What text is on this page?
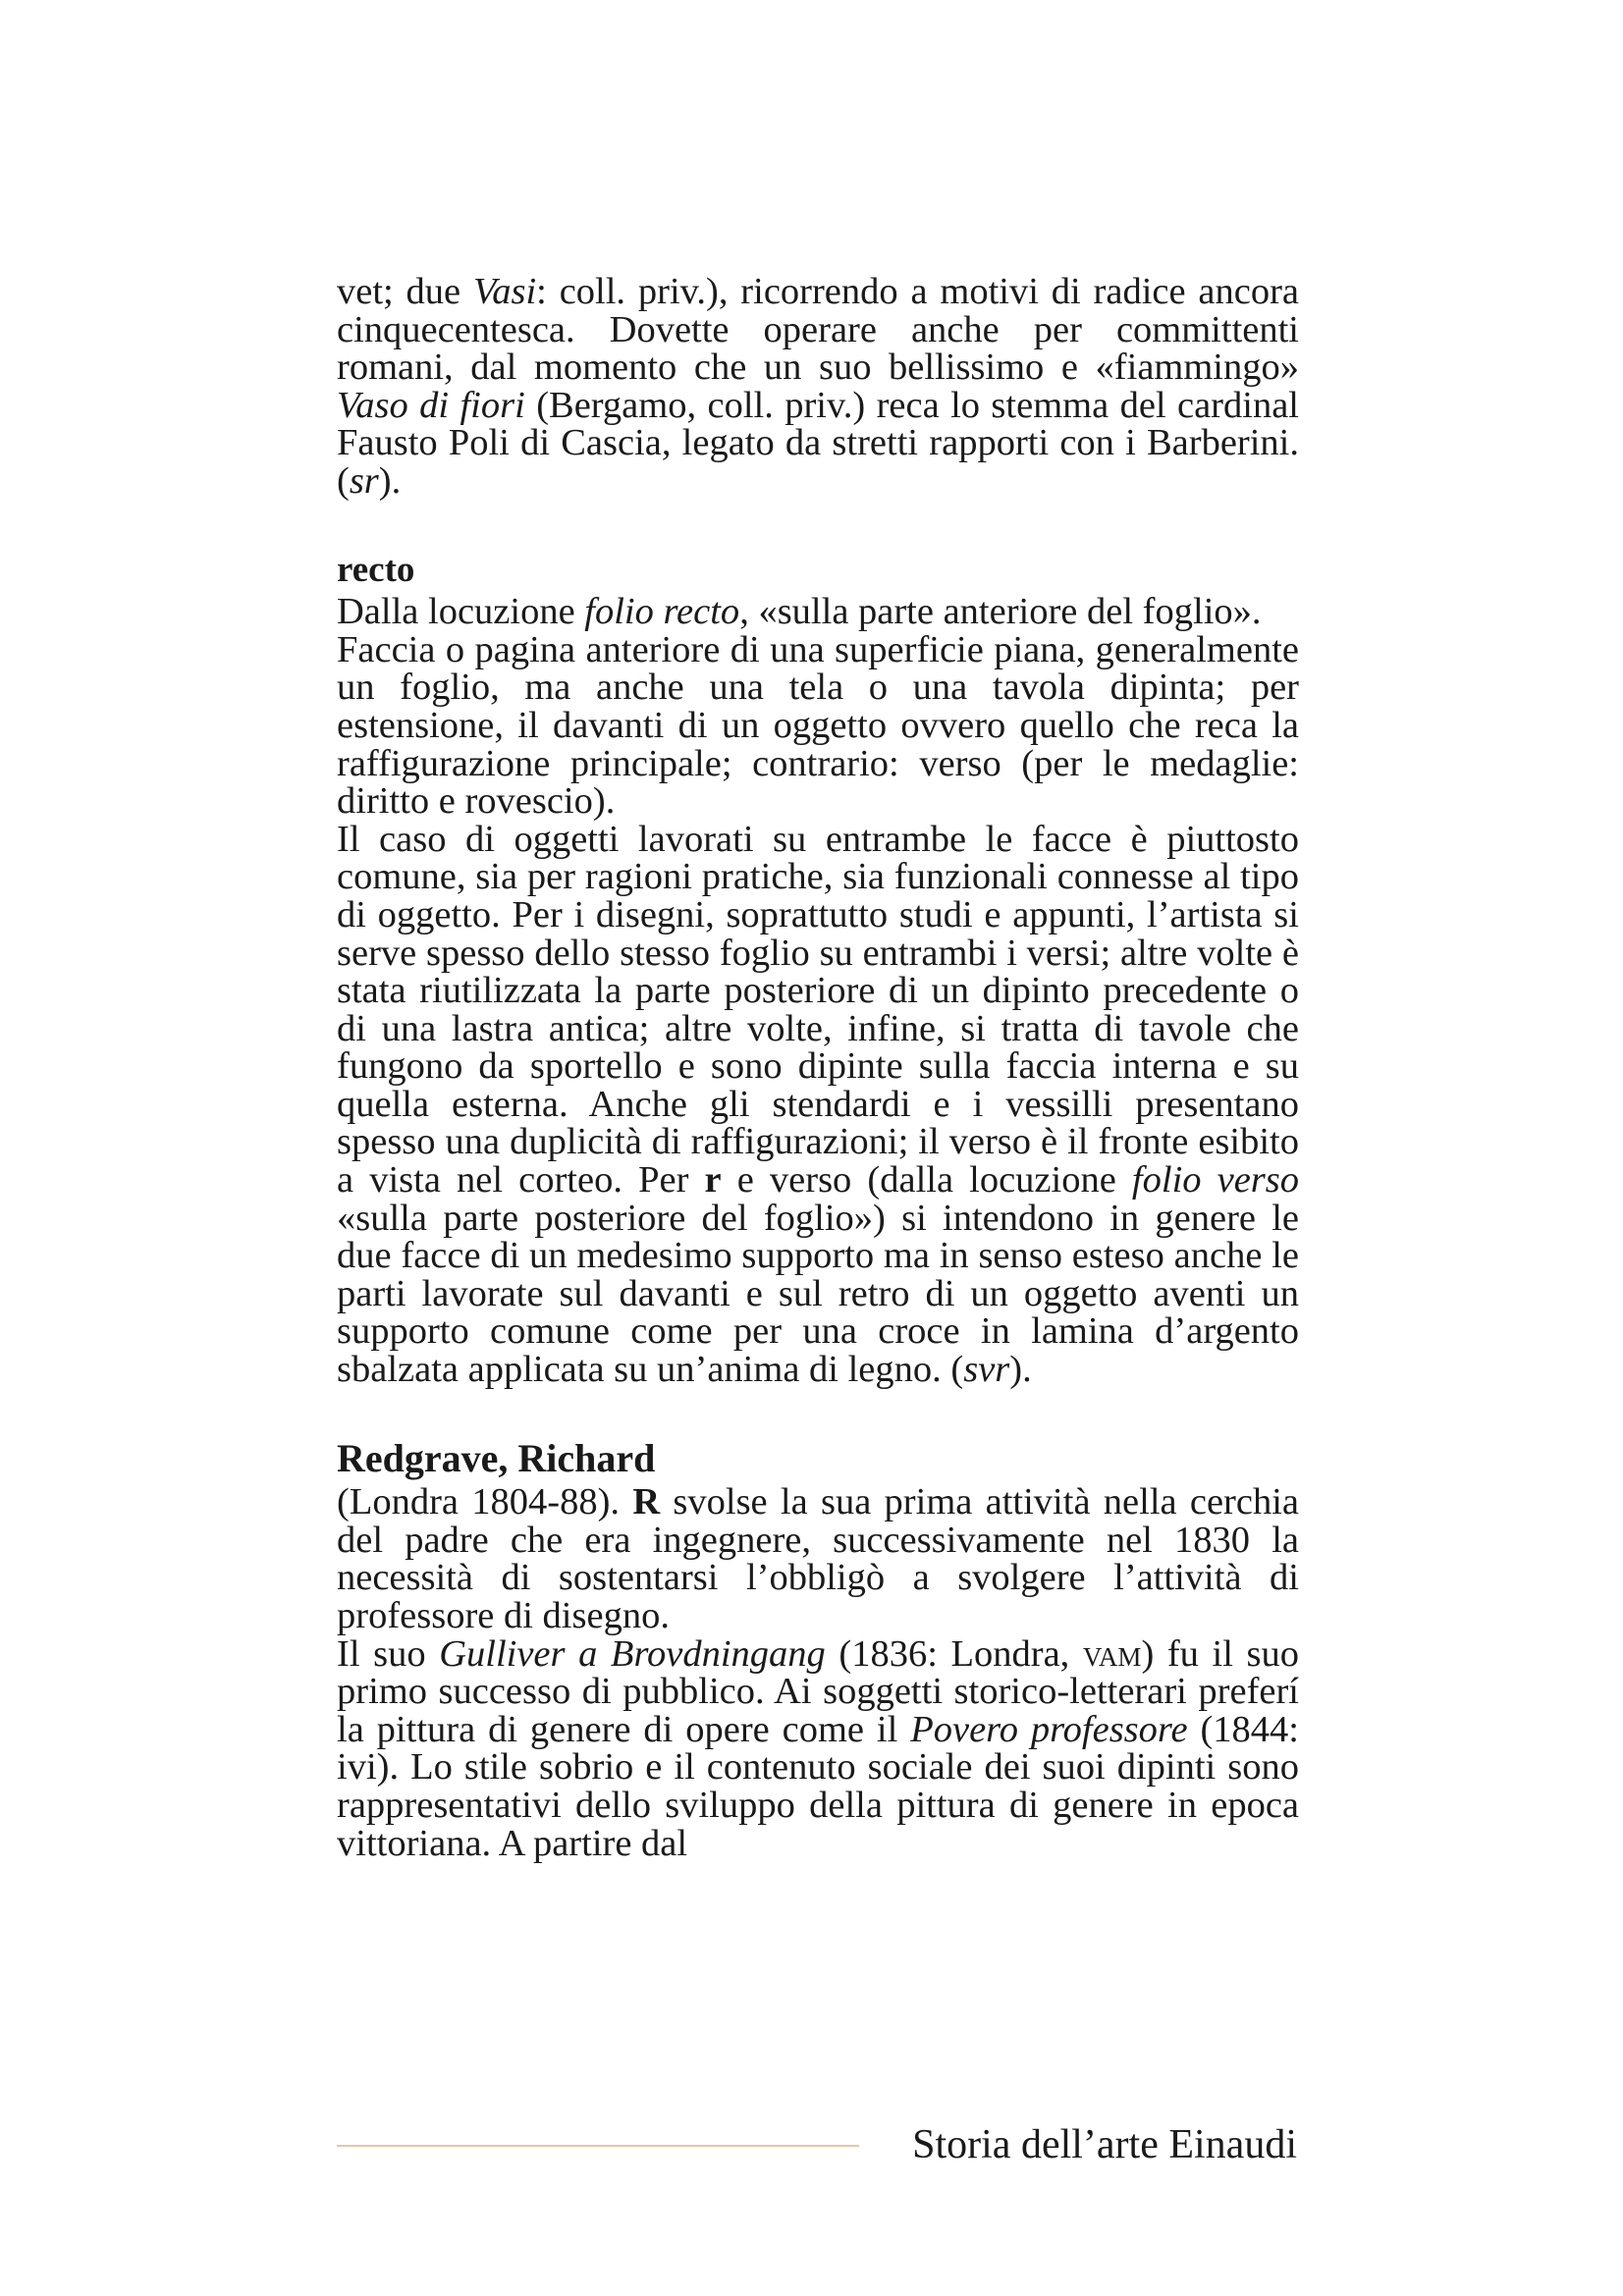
vet; due Vasi: coll. priv.), ricorrendo a motivi di radice ancora cinquecentesca. Dovette operare anche per committenti romani, dal momento che un suo bellissimo e «fiammingo» Vaso di fiori (Bergamo, coll. priv.) reca lo stemma del cardinal Fausto Poli di Cascia, legato da stretti rapporti con i Barberini. (sr).

recto

Dalla locuzione folio recto, «sulla parte anteriore del foglio».

Faccia o pagina anteriore di una superficie piana, generalmente un foglio, ma anche una tela o una tavola dipinta; per estensione, il davanti di un oggetto ovvero quello che reca la raffigurazione principale; contrario: verso (per le medaglie: diritto e rovescio).

Il caso di oggetti lavorati su entrambe le facce è piuttosto comune, sia per ragioni pratiche, sia funzionali connesse al tipo di oggetto. Per i disegni, soprattutto studi e appunti, l’artista si serve spesso dello stesso foglio su entrambi i versi; altre volte è stata riutilizzata la parte posteriore di un dipinto precedente o di una lastra antica; altre volte, infine, si tratta di tavole che fungono da sportello e sono dipinte sulla faccia interna e su quella esterna. Anche gli stendardi e i vessilli presentano spesso una duplicità di raffigurazioni; il verso è il fronte esibito a vista nel corteo. Per r e verso (dalla locuzione folio verso «sulla parte posteriore del foglio») si intendono in genere le due facce di un medesimo supporto ma in senso esteso anche le parti lavorate sul davanti e sul retro di un oggetto aventi un supporto comune come per una croce in lamina d’argento sbalzata applicata su un’anima di legno. (svr).

Redgrave, Richard

(Londra 1804-88). R svolse la sua prima attività nella cerchia del padre che era ingegnere, successivamente nel 1830 la necessità di sostentarsi l’obbligò a svolgere l’attività di professore di disegno.

Il suo Gulliver a Brovdningang (1836: Londra, vam) fu il suo primo successo di pubblico. Ai soggetti storico-letterari preferí la pittura di genere di opere come il Povero professore (1844: ivi). Lo stile sobrio e il contenuto sociale dei suoi dipinti sono rappresentativi dello sviluppo della pittura di genere in epoca vittoriana. A partire dal

Storia dell’arte Einaudi
